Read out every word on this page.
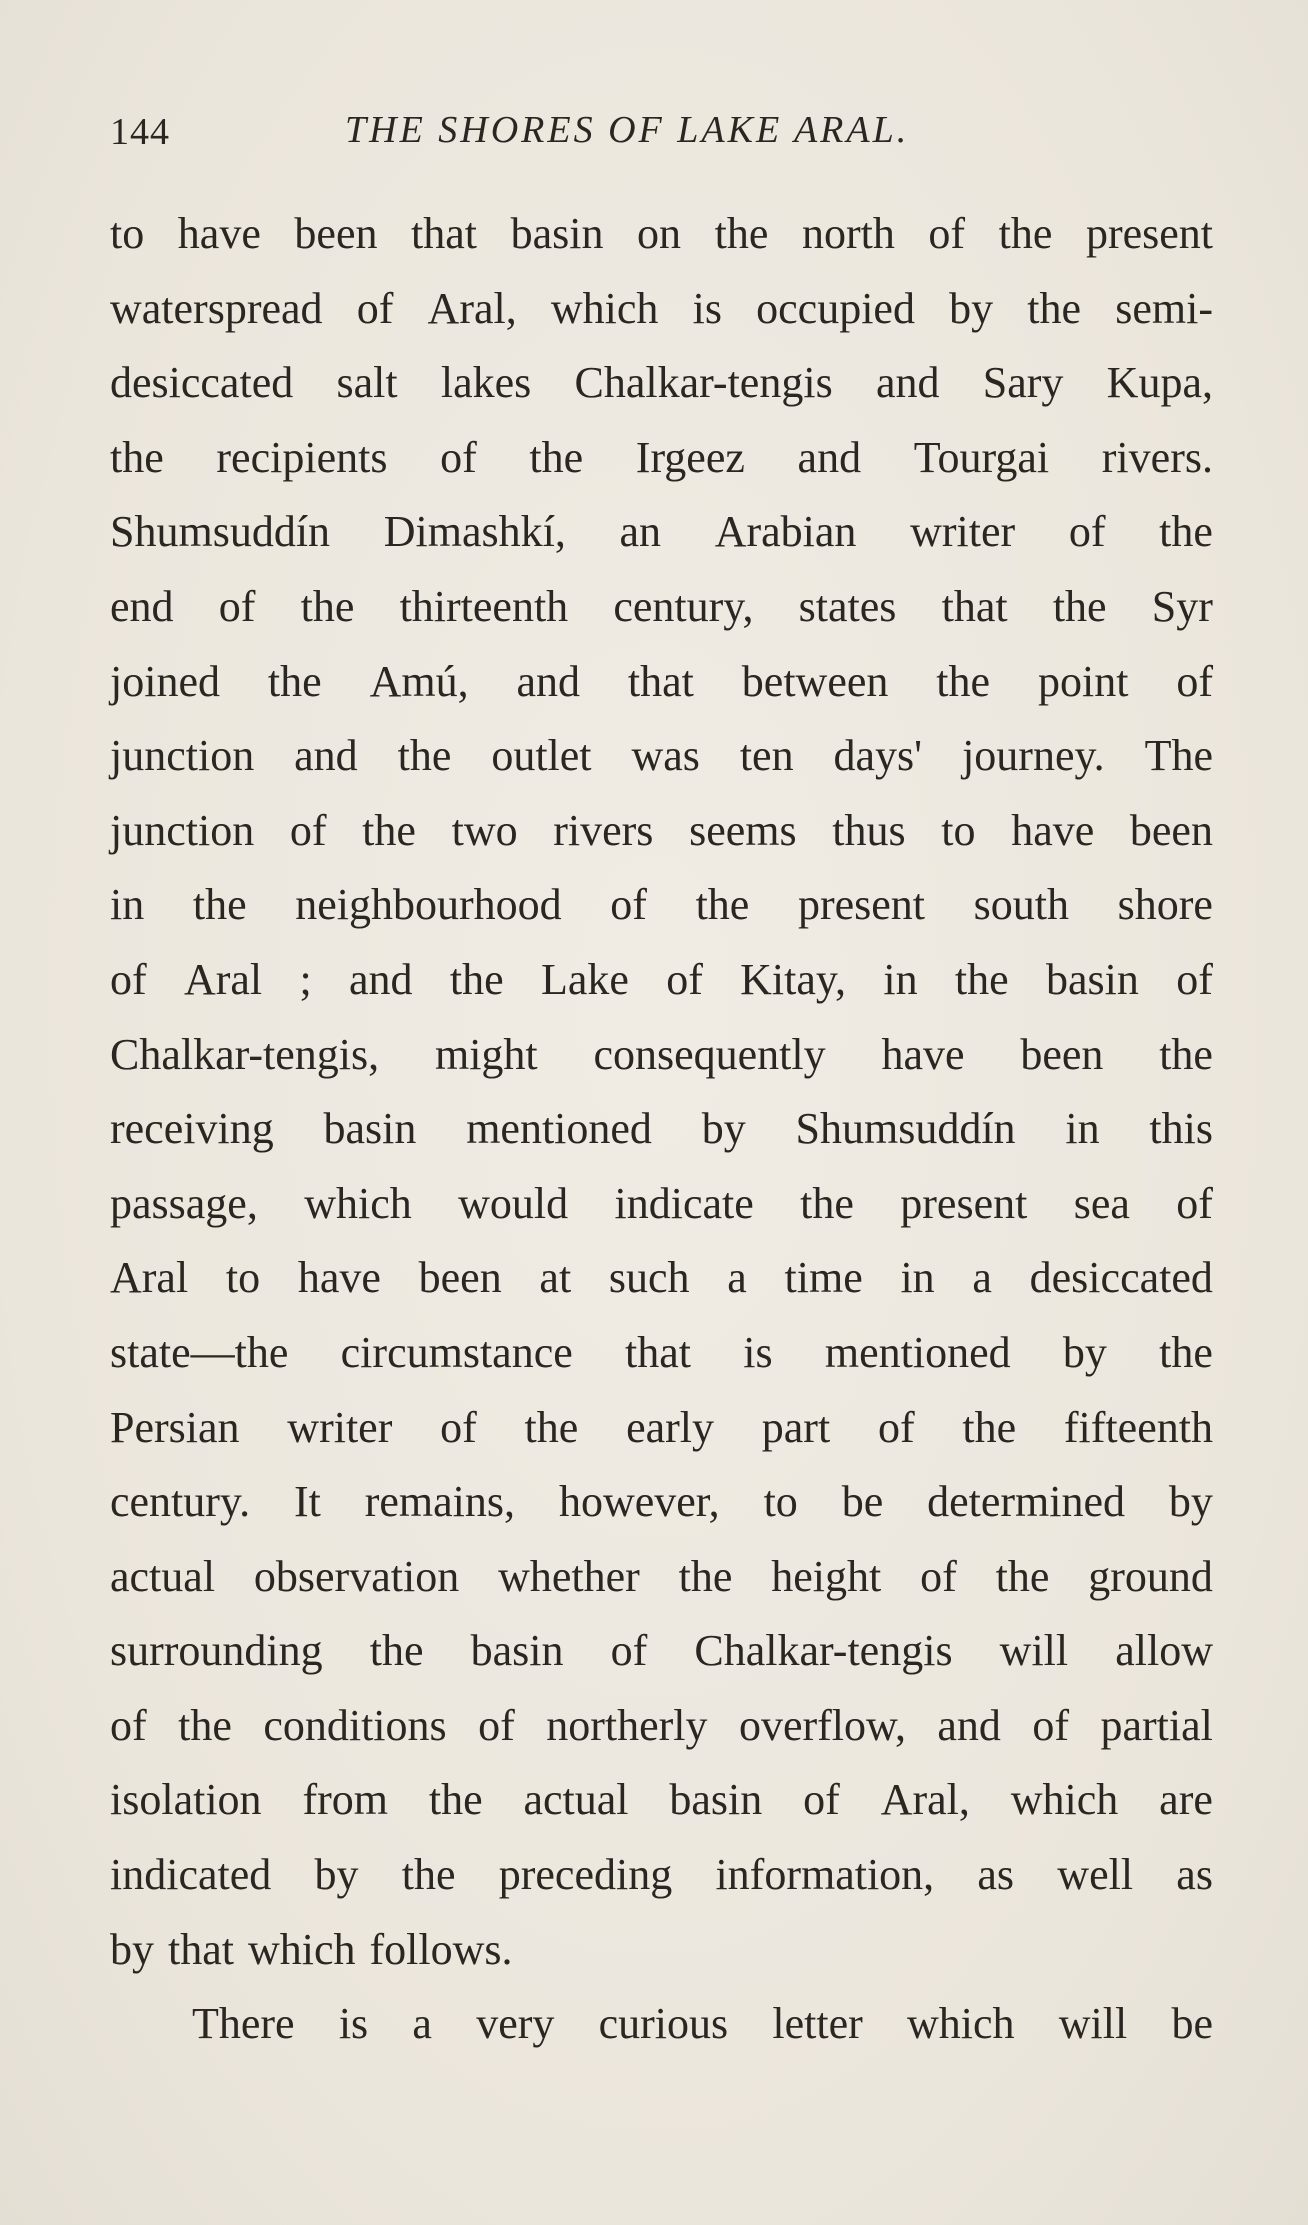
144	THE SHORES OF LAKE ARAL.
to have been that basin on the north of the present
waterspread of Aral, which is occupied by the semi-
desiccated salt lakes Chalkar-tengis and Sary Kupa,
the recipients of the Irgeez and Tourgai rivers.
Shumsuddín Dimashkí, an Arabian writer of the
end of the thirteenth century, states that the Syr
joined the Amú, and that between the point of
junction and the outlet was ten days' journey. The
junction of the two rivers seems thus to have been
in the neighbourhood of the present south shore
of Aral ; and the Lake of Kitay, in the basin of
Chalkar-tengis, might consequently have been the
receiving basin mentioned by Shumsuddín in this
passage, which would indicate the present sea of
Aral to have been at such a time in a desiccated
state—the circumstance that is mentioned by the
Persian writer of the early part of the fifteenth
century. It remains, however, to be determined by
actual observation whether the height of the ground
surrounding the basin of Chalkar-tengis will allow
of the conditions of northerly overflow, and of partial
isolation from the actual basin of Aral, which are
indicated by the preceding information, as well as
by that which follows.
There is a very curious letter which will be
